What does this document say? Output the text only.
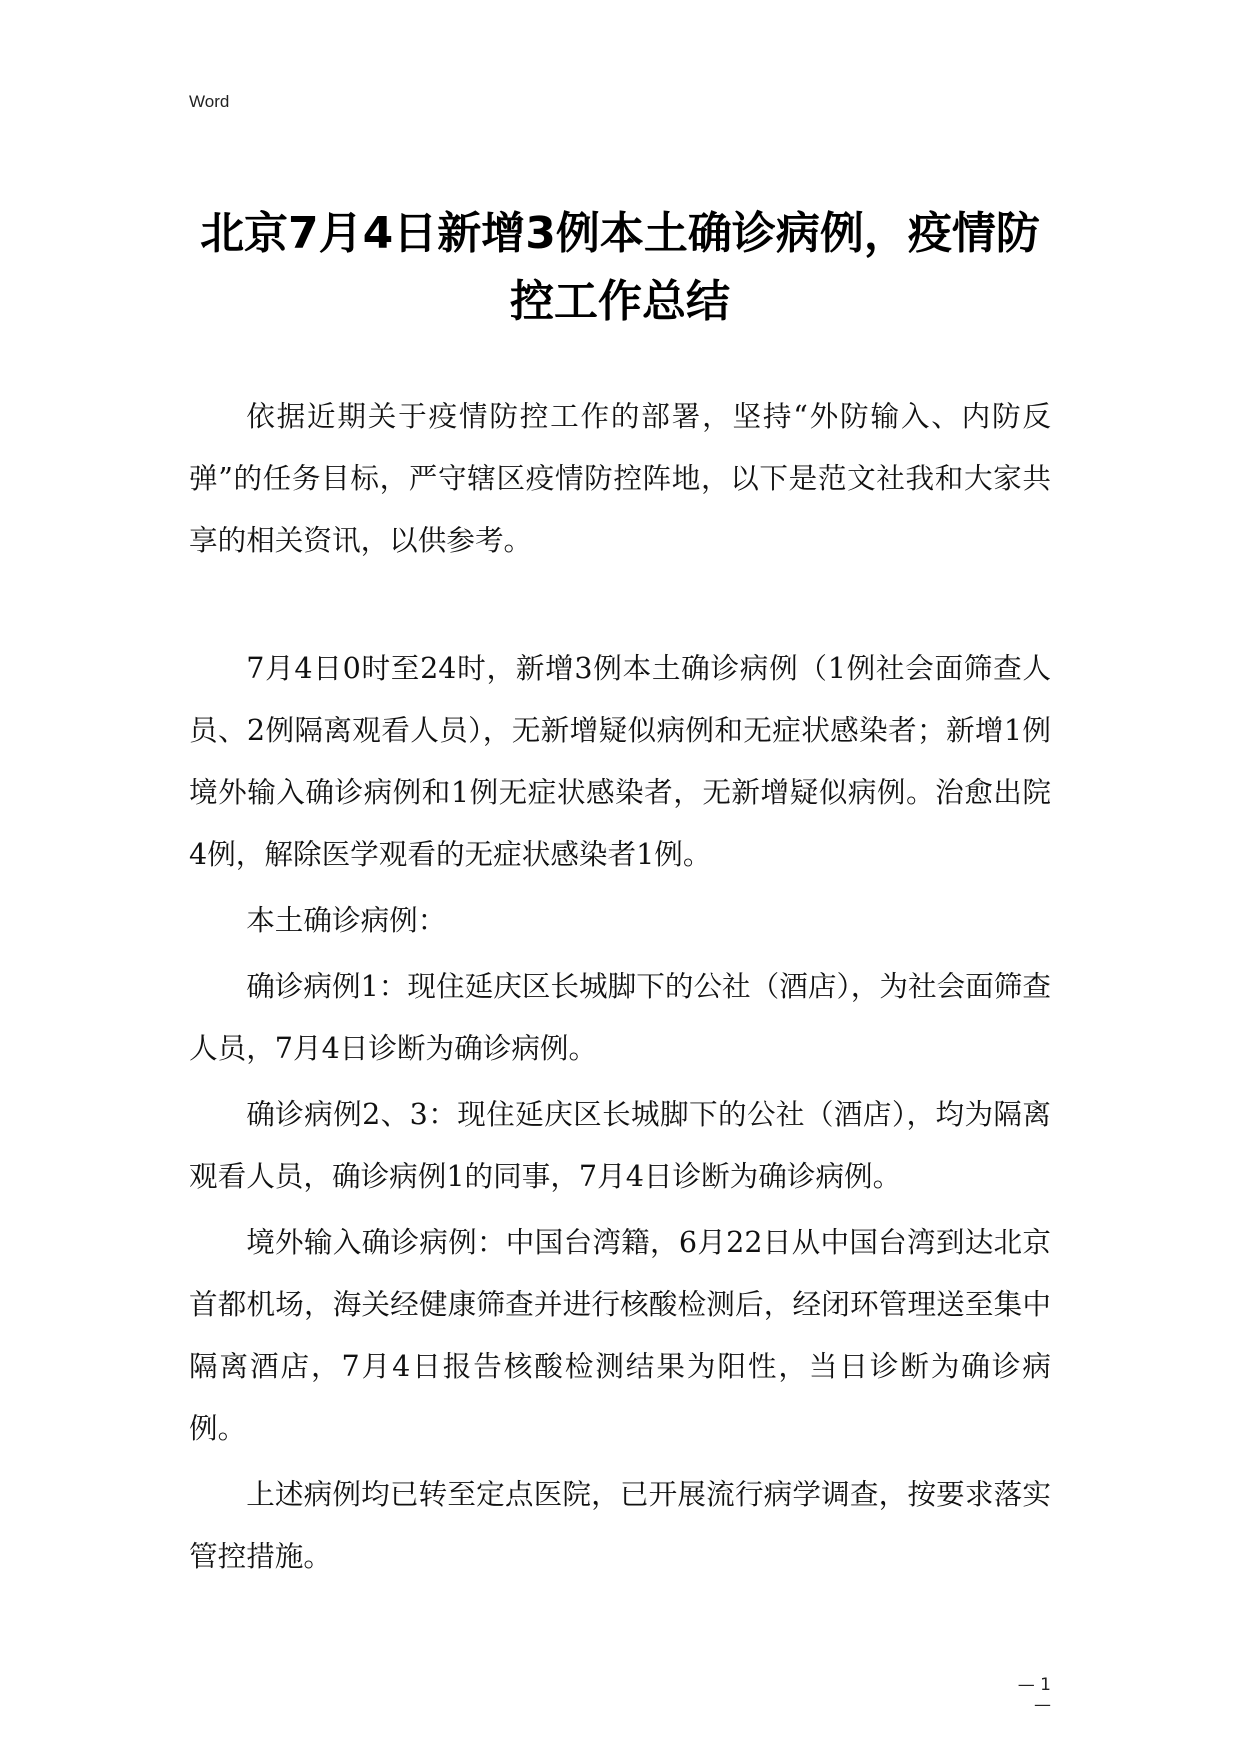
Word
北京7月4日新增3例本土确诊病例，疫情防控工作总结

依据近期关于疫情防控工作的部署，坚持“外防输入、内防反弹”的任务目标，严守辖区疫情防控阵地，以下是范文社我和大家共享的相关资讯，以供参考。

7月4日0时至24时，新增3例本土确诊病例（1例社会面筛查人员、2例隔离观看人员），无新增疑似病例和无症状感染者；新增1例境外输入确诊病例和1例无症状感染者，无新增疑似病例。治愈出院4例，解除医学观看的无症状感染者1例。

本土确诊病例：

确诊病例1：现住延庆区长城脚下的公社（酒店），为社会面筛查人员，7月4日诊断为确诊病例。

确诊病例2、3：现住延庆区长城脚下的公社（酒店），均为隔离观看人员，确诊病例1的同事，7月4日诊断为确诊病例。

境外输入确诊病例：中国台湾籍，6月22日从中国台湾到达北京首都机场，海关经健康筛查并进行核酸检测后，经闭环管理送至集中隔离酒店，7月4日报告核酸检测结果为阳性，当日诊断为确诊病例。

上述病例均已转至定点医院，已开展流行病学调查，按要求落实管控措施。

— 1 —
